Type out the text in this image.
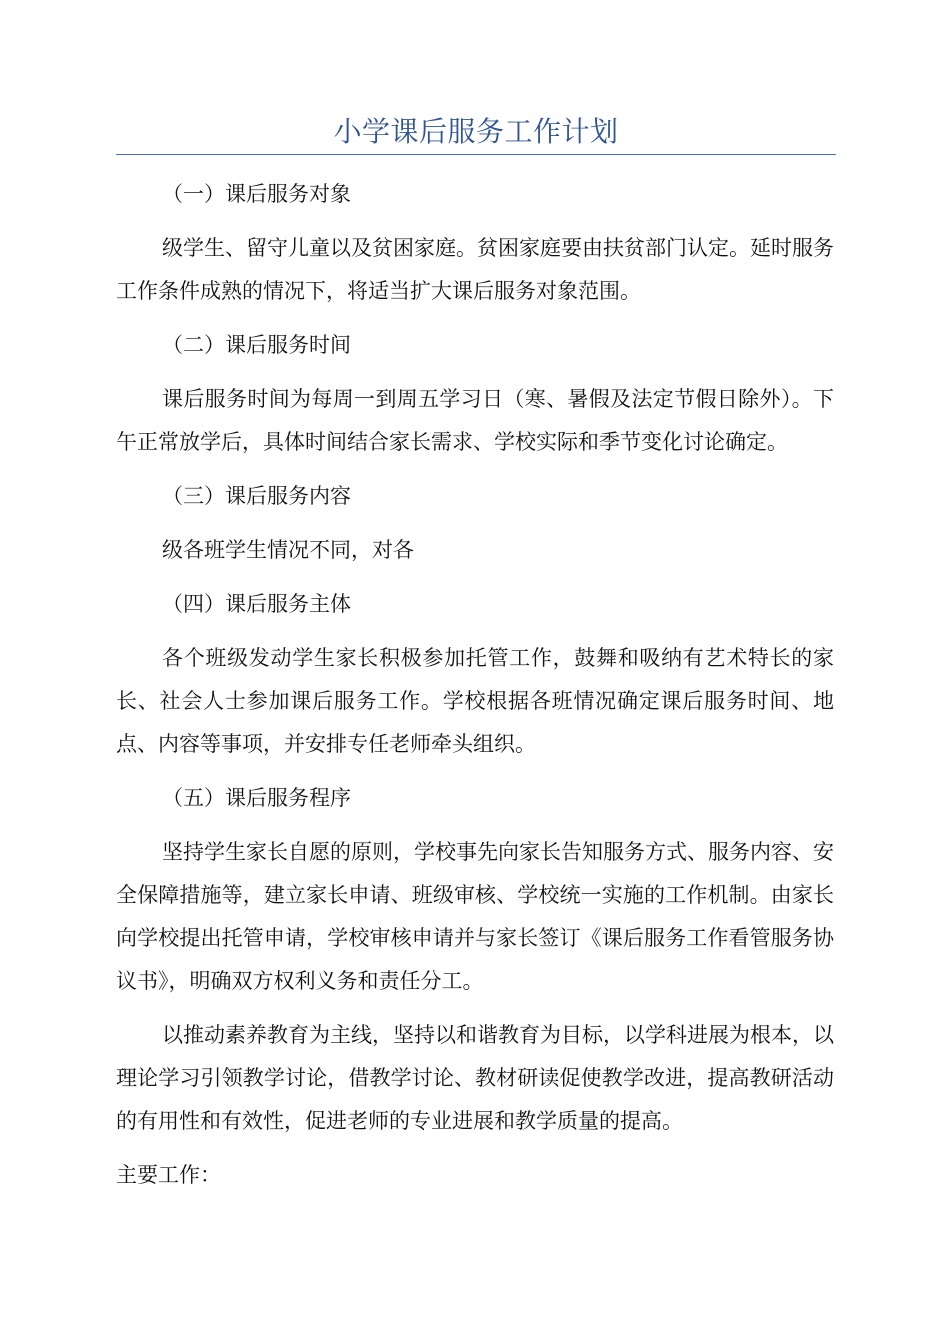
小学课后服务工作计划

（一）课后服务对象

级学生、留守儿童以及贫困家庭。贫困家庭要由扶贫部门认定。延时服务工作条件成熟的情况下，将适当扩大课后服务对象范围。

（二）课后服务时间

课后服务时间为每周一到周五学习日（寒、暑假及法定节假日除外）。下午正常放学后，具体时间结合家长需求、学校实际和季节变化讨论确定。

（三）课后服务内容

级各班学生情况不同，对各

（四）课后服务主体

各个班级发动学生家长积极参加托管工作，鼓舞和吸纳有艺术特长的家长、社会人士参加课后服务工作。学校根据各班情况确定课后服务时间、地点、内容等事项，并安排专任老师牵头组织。

（五）课后服务程序

坚持学生家长自愿的原则，学校事先向家长告知服务方式、服务内容、安全保障措施等，建立家长申请、班级审核、学校统一实施的工作机制。由家长向学校提出托管申请，学校审核申请并与家长签订《课后服务工作看管服务协议书》，明确双方权利义务和责任分工。

以推动素养教育为主线，坚持以和谐教育为目标，以学科进展为根本，以理论学习引领教学讨论，借教学讨论、教材研读促使教学改进，提高教研活动的有用性和有效性，促进老师的专业进展和教学质量的提高。

主要工作：
